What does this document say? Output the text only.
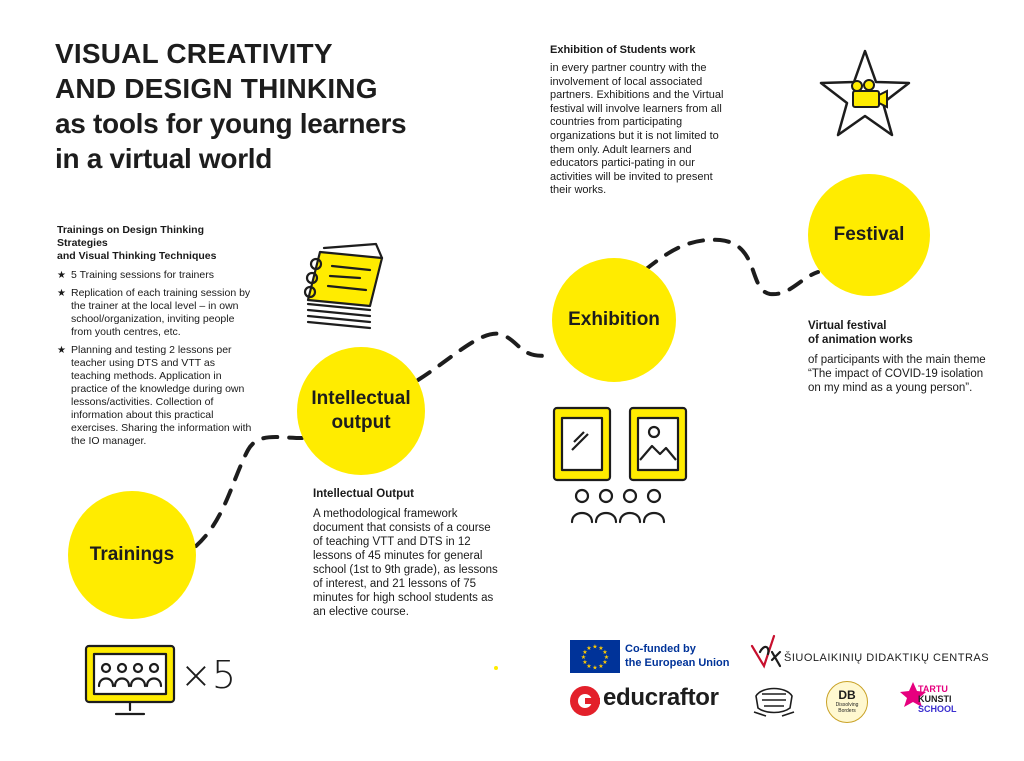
VISUAL CREATIVITY
AND DESIGN THINKING
as tools for young learners
in a virtual world
Trainings
Intellectual
output
Exhibition
Festival
Trainings on Design Thinking Strategies
and Visual Thinking Techniques
★ 5 Training sessions for trainers
★ Replication of each training session by the trainer at the local level – in own school/organization, inviting people from youth centres, etc.
★ Planning and testing 2 lessons per teacher using DTS and VTT as teaching methods. Application in practice of the knowledge during own lessons/activities. Collection of information about this practical exercises. Sharing the information with the IO manager.
Intellectual Output
A methodological framework document that consists of a course of teaching VTT and DTS in 12 lessons of 45 minutes for general school (1st to 9th grade), as lessons of interest, and 21 lessons of 75 minutes for high school students as an elective course.
Exhibition of Students work
in every partner country with the involvement of local associated partners. Exhibitions and the Virtual festival will involve learners from all countries from participating organizations but it is not limited to them only. Adult learners and educators partici-pating in our activities will be invited to present their works.
Virtual festival
of animation works
of participants with the main theme “The impact of COVID-19 isolation on my mind as a young person”.
×5
★ ★
★
★
★
★
★
★
★
★
★
★	Co-funded by
the European Union	ŠIUOLAIKINIŲ DIDAKTIKŲ CENTRAS
educraftor	DB
Dissolving
Borders
TARTU
KUNSTI
SCHOOL
